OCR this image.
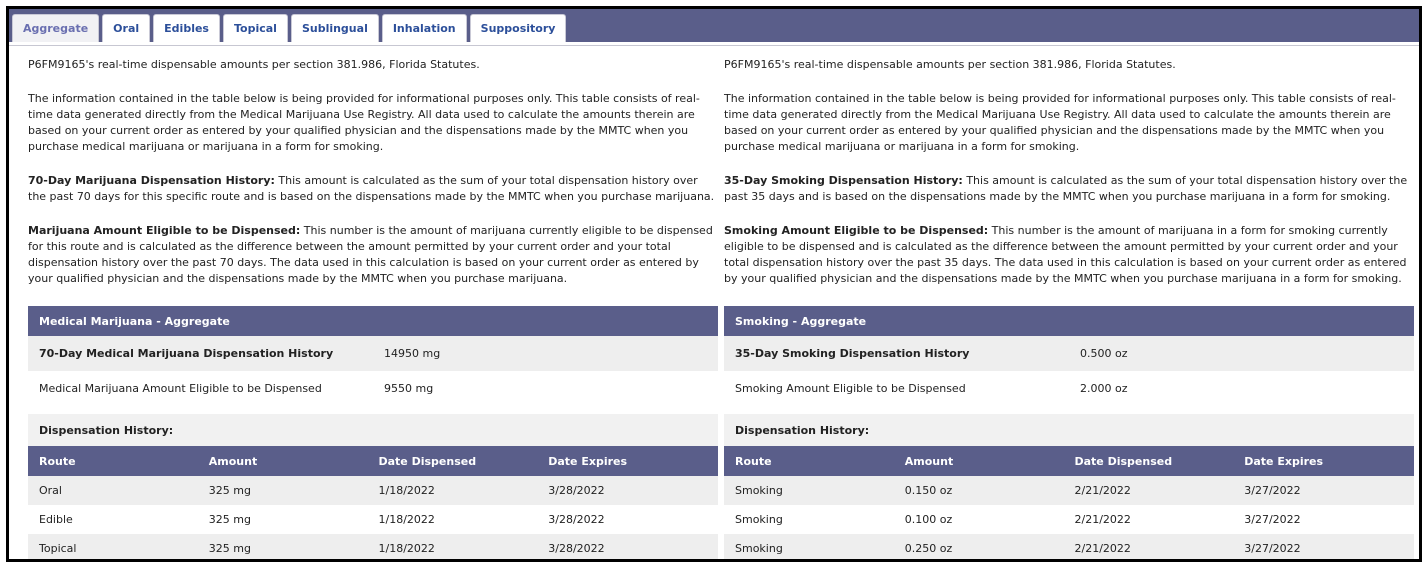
Aggregate	Oral	Edibles	Topical	Sublingual	Inhalation	Suppository

P6FM9165's real-time dispensable amounts per section 381.986, Florida Statutes.

The information contained in the table below is being provided for informational purposes only. This table consists of real-time data generated directly from the Medical Marijuana Use Registry. All data used to calculate the amounts therein are based on your current order as entered by your qualified physician and the dispensations made by the MMTC when you purchase medical marijuana or marijuana in a form for smoking.

70-Day Marijuana Dispensation History: This amount is calculated as the sum of your total dispensation history over the past 70 days for this specific route and is based on the dispensations made by the MMTC when you purchase marijuana.

Marijuana Amount Eligible to be Dispensed: This number is the amount of marijuana currently eligible to be dispensed for this route and is calculated as the difference between the amount permitted by your current order and your total dispensation history over the past 70 days. The data used in this calculation is based on your current order as entered by your qualified physician and the dispensations made by the MMTC when you purchase marijuana.

Medical Marijuana - Aggregate
70-Day Medical Marijuana Dispensation History	14950 mg
Medical Marijuana Amount Eligible to be Dispensed	9550 mg
Dispensation History:
Route	Amount	Date Dispensed	Date Expires
Oral	325 mg	1/18/2022	3/28/2022
Edible	325 mg	1/18/2022	3/28/2022
Topical	325 mg	1/18/2022	3/28/2022

P6FM9165's real-time dispensable amounts per section 381.986, Florida Statutes.

The information contained in the table below is being provided for informational purposes only. This table consists of real-time data generated directly from the Medical Marijuana Use Registry. All data used to calculate the amounts therein are based on your current order as entered by your qualified physician and the dispensations made by the MMTC when you purchase medical marijuana or marijuana in a form for smoking.

35-Day Smoking Dispensation History: This amount is calculated as the sum of your total dispensation history over the past 35 days and is based on the dispensations made by the MMTC when you purchase marijuana in a form for smoking.

Smoking Amount Eligible to be Dispensed: This number is the amount of marijuana in a form for smoking currently eligible to be dispensed and is calculated as the difference between the amount permitted by your current order and your total dispensation history over the past 35 days. The data used in this calculation is based on your current order as entered by your qualified physician and the dispensations made by the MMTC when you purchase marijuana in a form for smoking.

Smoking - Aggregate
35-Day Smoking Dispensation History	0.500 oz
Smoking Amount Eligible to be Dispensed	2.000 oz
Dispensation History:
Route	Amount	Date Dispensed	Date Expires
Smoking	0.150 oz	2/21/2022	3/27/2022
Smoking	0.100 oz	2/21/2022	3/27/2022
Smoking	0.250 oz	2/21/2022	3/27/2022
